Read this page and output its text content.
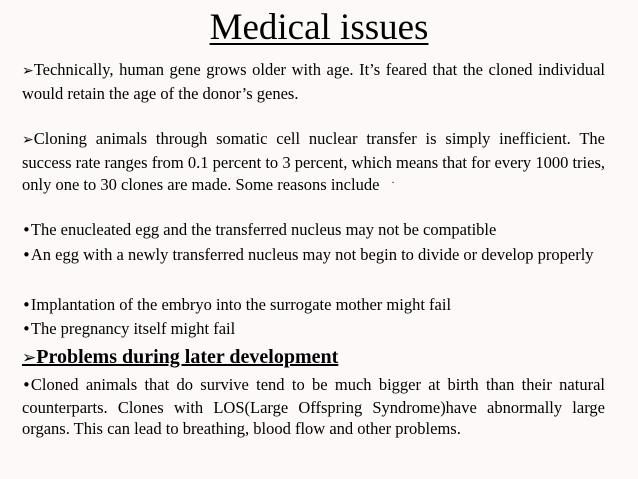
Medical issues
➢Technically, human gene grows older with age. It’s feared that the cloned individual would retain the age of the donor’s genes.
➢Cloning animals through somatic cell nuclear transfer is simply inefficient. The success rate ranges from 0.1 percent to 3 percent, which means that for every 1000 tries, only one to 30 clones are made. Some reasons include ·
•The enucleated egg and the transferred nucleus may not be compatible
•An egg with a newly transferred nucleus may not begin to divide or develop properly
•Implantation of the embryo into the surrogate mother might fail
•The pregnancy itself might fail
➢Problems during later development
•Cloned animals that do survive tend to be much bigger at birth than their natural counterparts. Clones with LOS(Large Offspring Syndrome)have abnormally large organs. This can lead to breathing, blood flow and other problems.
